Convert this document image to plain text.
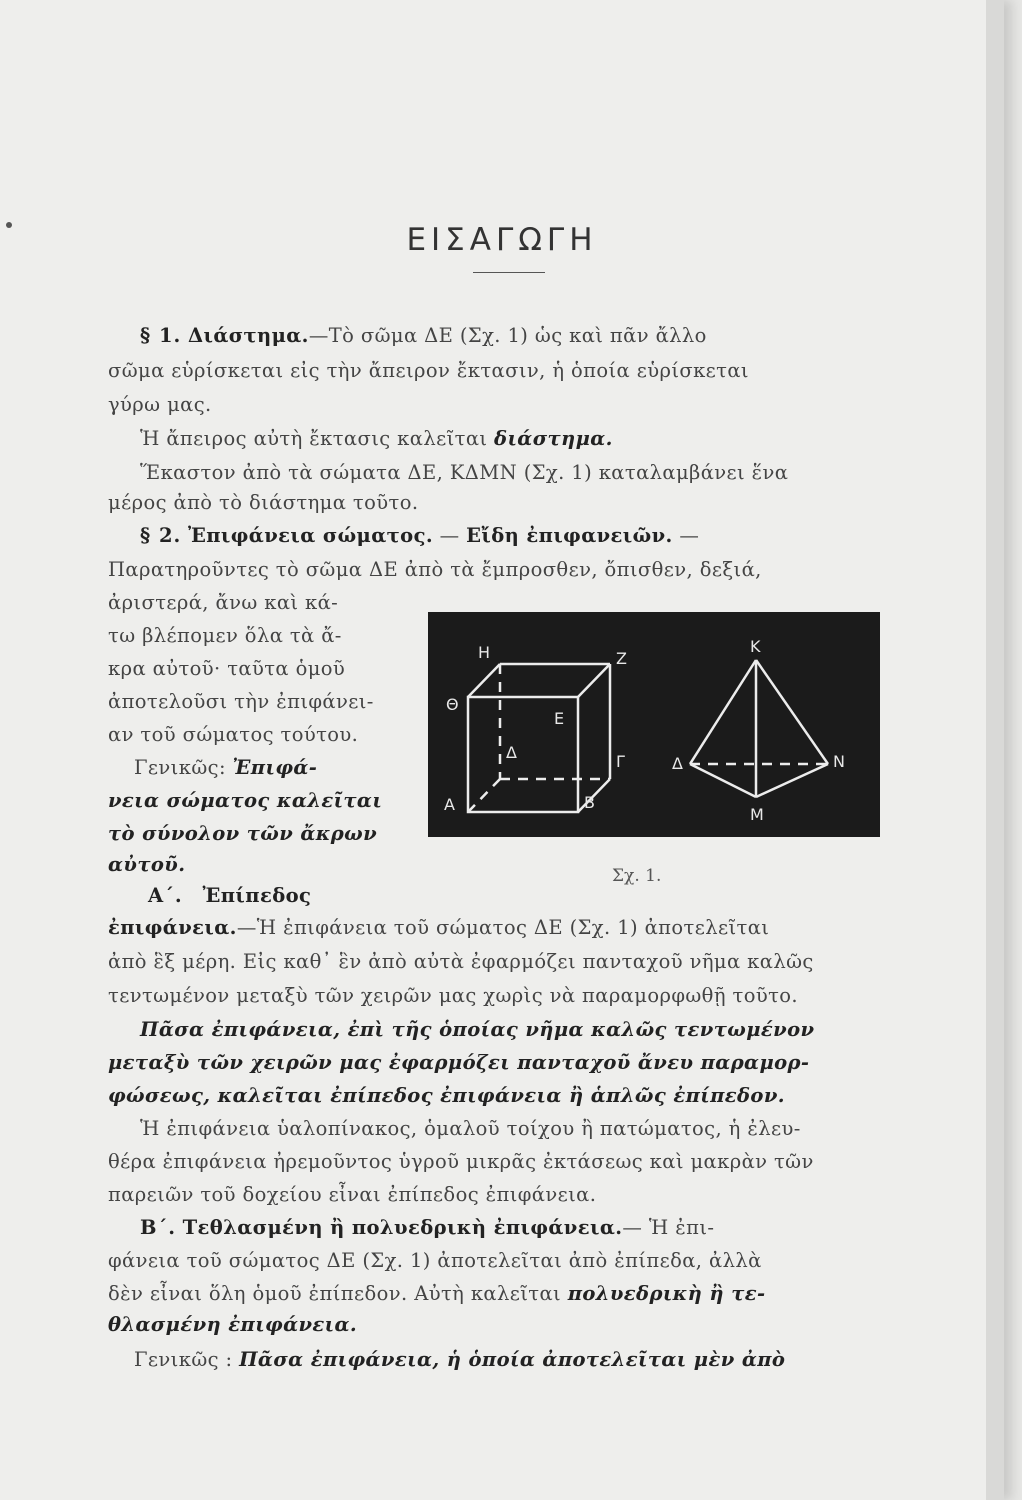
ΕΙΣΑΓΩΓΗ
§ 1. Διάστημα.—Τὸ σῶμα ΔΕ (Σχ. 1) ὡς καὶ πᾶν ἄλλο
σῶμα εὑρίσκεται εἰς τὴν ἄπειρον ἔκτασιν, ἡ ὁποία εὑρίσκεται
γύρω μας.
Ἡ ἄπειρος αὐτὴ ἔκτασις καλεῖται διάστημα.
Ἕκαστον ἀπὸ τὰ σώματα ΔΕ, ΚΔΜΝ (Σχ. 1) καταλαμβάνει ἕνα
μέρος ἀπὸ τὸ διάστημα τοῦτο.
§ 2. Ἐπιφάνεια σώματος. — Εἴδη ἐπιφανειῶν. —
Παρατηροῦντες τὸ σῶμα ΔΕ ἀπὸ τὰ ἔμπροσθεν, ὄπισθεν, δεξιά,
ἀριστερά, ἄνω καὶ κά-
τω βλέπομεν ὅλα τὰ ἄ-
κρα αὐτοῦ· ταῦτα ὁμοῦ
ἀποτελοῦσι τὴν ἐπιφάνει-
αν τοῦ σώματος τούτου.
Γενικῶς: Ἐπιφά-
νεια σώματος καλεῖται
τὸ σύνολον τῶν ἄκρων
αὐτοῦ.
Η	Ζ
Θ
Ε
Δ	Γ
Α	Β
Κ
Δ	Ν
Μ
Σχ. 1.
Α΄. Ἐπίπεδος
ἐπιφάνεια.—Ἡ ἐπιφάνεια τοῦ σώματος ΔΕ (Σχ. 1) ἀποτελεῖται
ἀπὸ ἓξ μέρη. Εἰς καθ᾽ ἓν ἀπὸ αὐτὰ ἐφαρμόζει πανταχοῦ νῆμα καλῶς
τεντωμένον μεταξὺ τῶν χειρῶν μας χωρὶς νὰ παραμορφωθῇ τοῦτο.
Πᾶσα ἐπιφάνεια, ἐπὶ τῆς ὁποίας νῆμα καλῶς τεντωμένον
μεταξὺ τῶν χειρῶν μας ἐφαρμόζει πανταχοῦ ἄνευ παραμορ-
φώσεως, καλεῖται ἐπίπεδος ἐπιφάνεια ἢ ἁπλῶς ἐπίπεδον.
Ἡ ἐπιφάνεια ὑαλοπίνακος, ὁμαλοῦ τοίχου ἢ πατώματος, ἡ ἐλευ-
θέρα ἐπιφάνεια ἠρεμοῦντος ὑγροῦ μικρᾶς ἐκτάσεως καὶ μακρὰν τῶν
παρειῶν τοῦ δοχείου εἶναι ἐπίπεδος ἐπιφάνεια.
Β΄. Τεθλασμένη ἢ πολυεδρικὴ ἐπιφάνεια.— Ἡ ἐπι-
φάνεια τοῦ σώματος ΔΕ (Σχ. 1) ἀποτελεῖται ἀπὸ ἐπίπεδα, ἀλλὰ
δὲν εἶναι ὅλη ὁμοῦ ἐπίπεδον. Αὐτὴ καλεῖται πολυεδρικὴ ἢ τε-
θλασμένη ἐπιφάνεια.
Γενικῶς : Πᾶσα ἐπιφάνεια, ἡ ὁποία ἀποτελεῖται μὲν ἀπὸ
